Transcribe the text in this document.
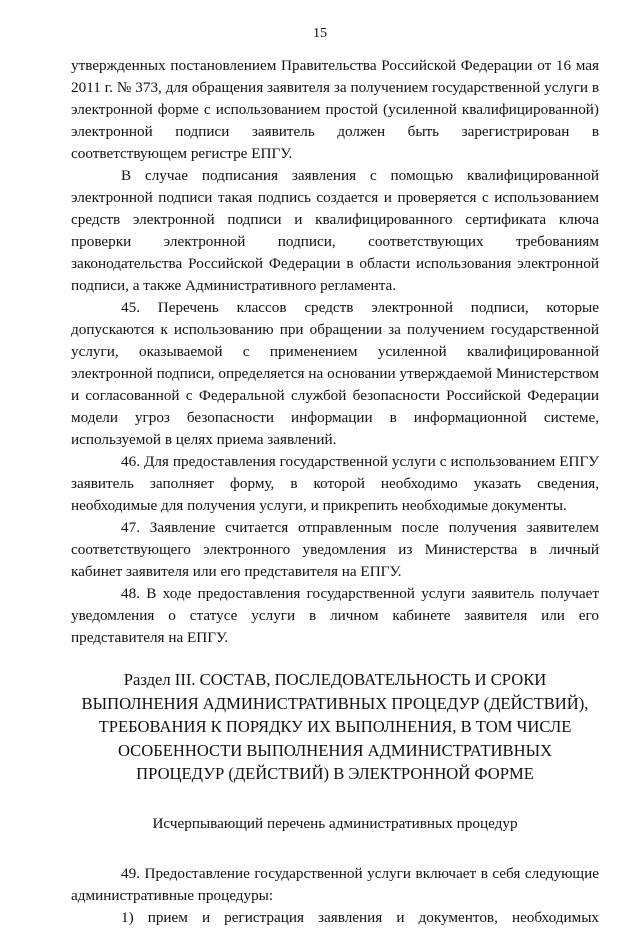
15

утвержденных постановлением Правительства Российской Федерации от 16 мая 2011 г. № 373, для обращения заявителя за получением государственной услуги в электронной форме с использованием простой (усиленной квалифицированной) электронной подписи заявитель должен быть зарегистрирован в соответствующем регистре ЕПГУ.

В случае подписания заявления с помощью квалифицированной электронной подписи такая подпись создается и проверяется с использованием средств электронной подписи и квалифицированного сертификата ключа проверки электронной подписи, соответствующих требованиям законодательства Российской Федерации в области использования электронной подписи, а также Административного регламента.

45. Перечень классов средств электронной подписи, которые допускаются к использованию при обращении за получением государственной услуги, оказываемой с применением усиленной квалифицированной электронной подписи, определяется на основании утверждаемой Министерством и согласованной с Федеральной службой безопасности Российской Федерации модели угроз безопасности информации в информационной системе, используемой в целях приема заявлений.

46. Для предоставления государственной услуги с использованием ЕПГУ заявитель заполняет форму, в которой необходимо указать сведения, необходимые для получения услуги, и прикрепить необходимые документы.

47. Заявление считается отправленным после получения заявителем соответствующего электронного уведомления из Министерства в личный кабинет заявителя или его представителя на ЕПГУ.

48. В ходе предоставления государственной услуги заявитель получает уведомления о статусе услуги в личном кабинете заявителя или его представителя на ЕПГУ.

Раздел III. СОСТАВ, ПОСЛЕДОВАТЕЛЬНОСТЬ И СРОКИ ВЫПОЛНЕНИЯ АДМИНИСТРАТИВНЫХ ПРОЦЕДУР (ДЕЙСТВИЙ), ТРЕБОВАНИЯ К ПОРЯДКУ ИХ ВЫПОЛНЕНИЯ, В ТОМ ЧИСЛЕ ОСОБЕННОСТИ ВЫПОЛНЕНИЯ АДМИНИСТРАТИВНЫХ ПРОЦЕДУР (ДЕЙСТВИЙ) В ЭЛЕКТРОННОЙ ФОРМЕ
Исчерпывающий перечень административных процедур

49. Предоставление государственной услуги включает в себя следующие административные процедуры:

1) прием и регистрация заявления и документов, необходимых
